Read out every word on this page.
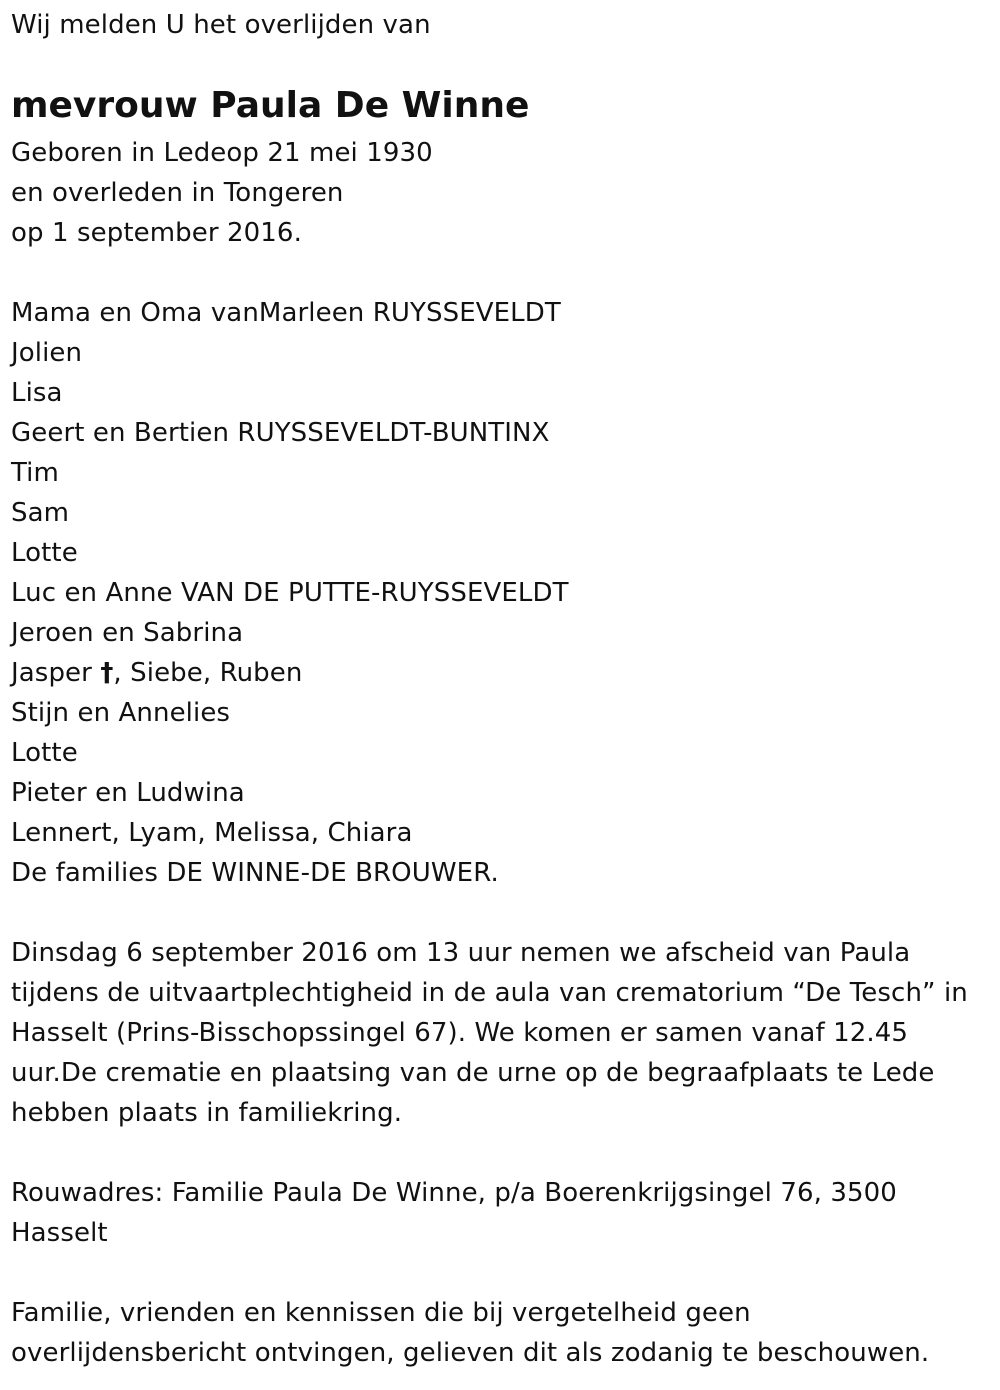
Wij melden U het overlijden van
mevrouw Paula De Winne
Geboren in Ledeop 21 mei 1930
en overleden in Tongeren
op 1 september 2016.
Mama en Oma vanMarleen RUYSSEVELDT
Jolien
Lisa
Geert en Bertien RUYSSEVELDT-BUNTINX
Tim
Sam
Lotte
Luc en Anne VAN DE PUTTE-RUYSSEVELDT
Jeroen en Sabrina
Jasper †, Siebe, Ruben
Stijn en Annelies
Lotte
Pieter en Ludwina
Lennert, Lyam, Melissa, Chiara
De families DE WINNE-DE BROUWER.
Dinsdag 6 september 2016 om 13 uur nemen we afscheid van Paula
tijdens de uitvaartplechtigheid in de aula van crematorium “De Tesch” in
Hasselt (Prins-Bisschopssingel 67). We komen er samen vanaf 12.45
uur.De crematie en plaatsing van de urne op de begraafplaats te Lede
hebben plaats in familiekring.
Rouwadres: Familie Paula De Winne, p/a Boerenkrijgsingel 76, 3500
Hasselt
Familie, vrienden en kennissen die bij vergetelheid geen
overlijdensbericht ontvingen, gelieven dit als zodanig te beschouwen.
